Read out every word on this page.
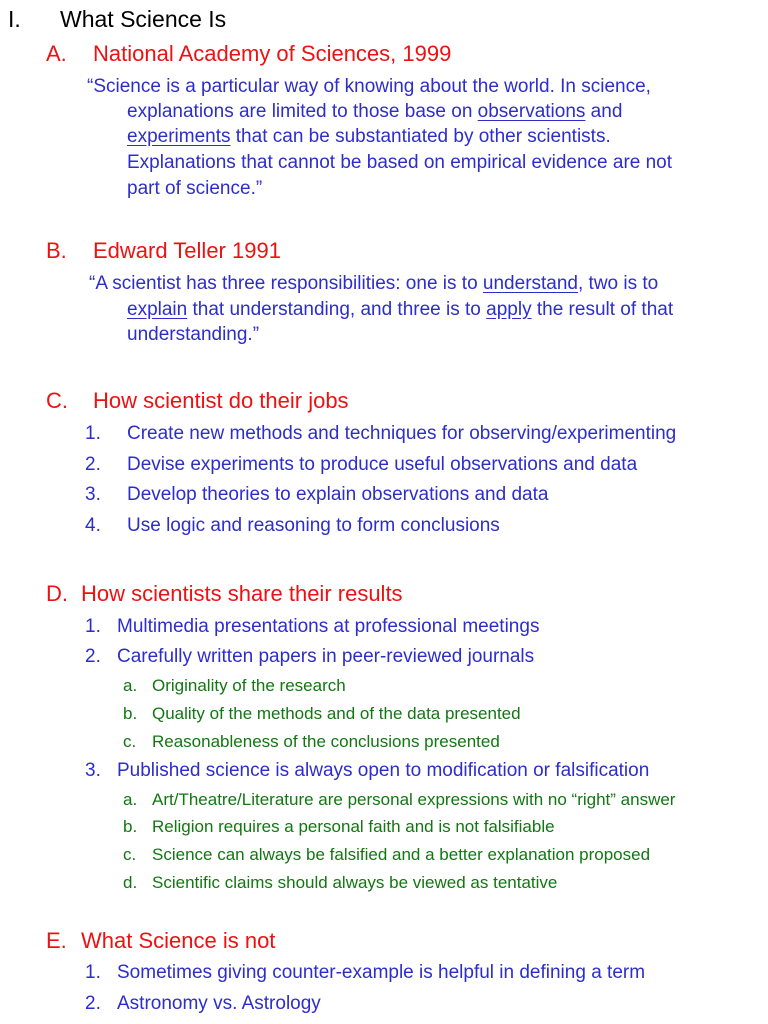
I. What Science Is
A. National Academy of Sciences, 1999
“Science is a particular way of knowing about the world. In science,
explanations are limited to those base on observations and
experiments that can be substantiated by other scientists.
Explanations that cannot be based on empirical evidence are not
part of science.”
B. Edward Teller 1991
“A scientist has three responsibilities: one is to understand, two is to
explain that understanding, and three is to apply the result of that
understanding.”
C. How scientist do their jobs
1. Create new methods and techniques for observing/experimenting
2. Devise experiments to produce useful observations and data
3. Develop theories to explain observations and data
4. Use logic and reasoning to form conclusions
D. How scientists share their results
1. Multimedia presentations at professional meetings
2. Carefully written papers in peer-reviewed journals
a. Originality of the research
b. Quality of the methods and of the data presented
c. Reasonableness of the conclusions presented
3. Published science is always open to modification or falsification
a. Art/Theatre/Literature are personal expressions with no “right” answer
b. Religion requires a personal faith and is not falsifiable
c. Science can always be falsified and a better explanation proposed
d. Scientific claims should always be viewed as tentative
E. What Science is not
1. Sometimes giving counter-example is helpful in defining a term
2. Astronomy vs. Astrology
